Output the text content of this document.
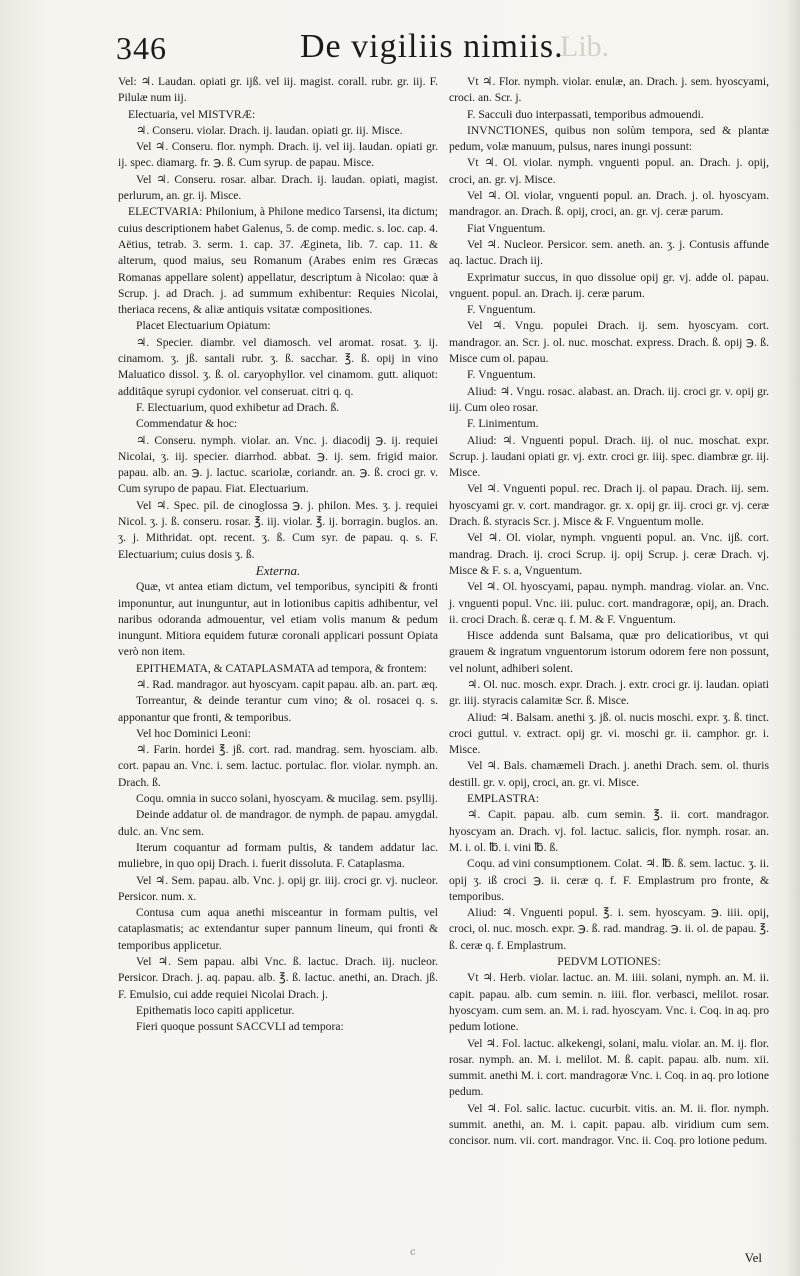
346	De vigiliis nimiis.
Lib.

Vel: ♃. Laudan. opiati gr. ijß. vel iij. magist. corall. rubr. gr. iij. F. Pilulæ num iij.

Electuaria, vel MISTVRÆ:

♃. Conseru. violar. Drach. ij. laudan. opiati gr. iij. Misce.

Vel ♃. Conseru. flor. nymph. Drach. ij. vel iij. laudan. opiati gr. ij. spec. diamarg. fr. ℈. ß. Cum syrup. de papau. Misce.

Vel ♃. Conseru. rosar. albar. Drach. ij. laudan. opiati, magist. perlurum, an. gr. ij. Misce.

ELECTVARIA: Philonium, à Philone medico Tarsensi, ita dictum; cuius descriptionem habet Galenus, 5. de comp. medic. s. loc. cap. 4. Aëtius, tetrab. 3. serm. 1. cap. 37. Ægineta, lib. 7. cap. 11. & alterum, quod maius, seu Romanum (Arabes enim res Græcas Romanas appellare solent) appellatur, descriptum à Nicolao: quæ à Scrup. j. ad Drach. j. ad summum exhibentur: Requies Nicolai, theriaca recens, & aliæ antiquis vsitatæ compositiones.

Placet Electuarium Opiatum:

♃. Specier. diambr. vel diamosch. vel aromat. rosat. ʒ. ij. cinamom. ʒ. jß. santali rubr. ʒ. ß. sacchar. ℥. ß. opij in vino Maluatico dissol. ʒ. ß. ol. caryophyllor. vel cinamom. gutt. aliquot: additâque syrupi cydonior. vel conseruat. citri q. q.

F. Electuarium, quod exhibetur ad Drach. ß.

Commendatur & hoc:

♃. Conseru. nymph. violar. an. Vnc. j. diacodij ℈. ij. requiei Nicolai, ʒ. iij. specier. diarrhod. abbat. ℈. ij. sem. frigid maior. papau. alb. an. ℈. j. lactuc. scariolæ, coriandr. an. ℈. ß. croci gr. v. Cum syrupo de papau. Fiat. Electuarium.

Vel ♃. Spec. pil. de cinoglossa ℈. j. philon. Mes. ʒ. j. requiei Nicol. ʒ. j. ß. conseru. rosar. ℥. iij. violar. ℥. ij. borragin. buglos. an. ʒ. j. Mithridat. opt. recent. ʒ. ß. Cum syr. de papau. q. s. F. Electuarium; cuius dosis ʒ. ß.

Externa.

Quæ, vt antea etiam dictum, vel temporibus, syncipiti & fronti imponuntur, aut inunguntur, aut in lotionibus capitis adhibentur, vel naribus odoranda admouentur, vel etiam volis manum & pedum inungunt. Mitiora equidem futuræ coronali applicari possunt Opiata verò non item.

EPITHEMATA, & CATAPLASMATA ad tempora, & frontem:

♃. Rad. mandragor. aut hyoscyam. capit papau. alb. an. part. æq.

Torreantur, & deinde terantur cum vino; & ol. rosacei q. s. apponantur que fronti, & temporibus.

Vel hoc Dominici Leoni:

♃. Farin. hordei ℥. jß. cort. rad. mandrag. sem. hyosciam. alb. cort. papau an. Vnc. i. sem. lactuc. portulac. flor. violar. nymph. an. Drach. ß.

Coqu. omnia in succo solani, hyoscyam. & mucilag. sem. psyllij.

Deinde addatur ol. de mandragor. de nymph. de papau. amygdal. dulc. an. Vnc sem.

Iterum coquantur ad formam pultis, & tandem addatur lac. muliebre, in quo opij Drach. i. fuerit dissoluta. F. Cataplasma.

Vel ♃. Sem. papau. alb. Vnc. j. opij gr. iiij. croci gr. vj. nucleor. Persicor. num. x.

Contusa cum aqua anethi misceantur in formam pultis, vel cataplasmatis; ac extendantur super pannum lineum, qui fronti & temporibus applicetur.

Vel ♃. Sem papau. albi Vnc. ß. lactuc. Drach. iij. nucleor. Persicor. Drach. j. aq. papau. alb. ℥. ß. lactuc. anethi, an. Drach. jß. F. Emulsio, cui adde requiei Nicolai Drach. j.

Epithematis loco capiti applicetur.

Fieri quoque possunt SACCVLI ad tempora:

Vt ♃. Flor. nymph. violar. enulæ, an. Drach. j. sem. hyoscyami, croci. an. Scr. j.

F. Sacculi duo interpassati, temporibus admouendi.

INVNCTIONES, quibus non solùm tempora, sed & plantæ pedum, volæ manuum, pulsus, nares inungi possunt:

Vt ♃. Ol. violar. nymph. vnguenti popul. an. Drach. j. opij, croci, an. gr. vj. Misce.

Vel ♃. Ol. violar, vnguenti popul. an. Drach. j. ol. hyoscyam. mandragor. an. Drach. ß. opij, croci, an. gr. vj. ceræ parum.

Fiat Vnguentum.

Vel ♃. Nucleor. Persicor. sem. aneth. an. ʒ. j. Contusis affunde aq. lactuc. Drach iij.

Exprimatur succus, in quo dissolue opij gr. vj. adde ol. papau. vnguent. popul. an. Drach. ij. ceræ parum.

F. Vnguentum.

Vel ♃. Vngu. populei Drach. ij. sem. hyoscyam. cort. mandragor. an. Scr. j. ol. nuc. moschat. express. Drach. ß. opij ℈. ß. Misce cum ol. papau.

F. Vnguentum.

Aliud: ♃. Vngu. rosac. alabast. an. Drach. iij. croci gr. v. opij gr. iij. Cum oleo rosar.

F. Linimentum.

Aliud: ♃. Vnguenti popul. Drach. iij. ol nuc. moschat. expr. Scrup. j. laudani opiati gr. vj. extr. croci gr. iiij. spec. diambræ gr. iij. Misce.

Vel ♃. Vnguenti popul. rec. Drach ij. ol papau. Drach. iij. sem. hyoscyami gr. v. cort. mandragor. gr. x. opij gr. iij. croci gr. vj. ceræ Drach. ß. styracis Scr. j. Misce & F. Vnguentum molle.

Vel ♃. Ol. violar, nymph. vnguenti popul. an. Vnc. ijß. cort. mandrag. Drach. ij. croci Scrup. ij. opij Scrup. j. ceræ Drach. vj. Misce & F. s. a, Vnguentum.

Vel ♃. Ol. hyoscyami, papau. nymph. mandrag. violar. an. Vnc. j. vnguenti popul. Vnc. iii. puluc. cort. mandragoræ, opij, an. Drach. ii. croci Drach. ß. ceræ q. f. M. & F. Vnguentum.

Hisce addenda sunt Balsama, quæ pro delicatioribus, vt qui grauem & ingratum vnguentorum istorum odorem fere non possunt, vel nolunt, adhiberi solent.

♃. Ol. nuc. mosch. expr. Drach. j. extr. croci gr. ij. laudan. opiati gr. iiij. styracis calamitæ Scr. ß. Misce.

Aliud: ♃. Balsam. anethi ʒ. jß. ol. nucis moschi. expr. ʒ. ß. tinct. croci guttul. v. extract. opij gr. vi. moschi gr. ii. camphor. gr. i. Misce.

Vel ♃. Bals. chamæmeli Drach. j. anethi Drach. sem. ol. thuris destill. gr. v. opij, croci, an. gr. vi. Misce.

EMPLASTRA:

♃. Capit. papau. alb. cum semin. ℥. ii. cort. mandragor. hyoscyam an. Drach. vj. fol. lactuc. salicis, flor. nymph. rosar. an. M. i. ol. ℔. i. vini ℔. ß.

Coqu. ad vini consumptionem. Colat. ♃. ℔. ß. sem. lactuc. ʒ. ii. opij ʒ. iß croci ℈. ii. ceræ q. f. F. Emplastrum pro fronte, & temporibus.

Aliud: ♃. Vnguenti popul. ℥. i. sem. hyoscyam. ℈. iiii. opij, croci, ol. nuc. mosch. expr. ℈. ß. rad. mandrag. ℈. ii. ol. de papau. ℥. ß. ceræ q. f. Emplastrum.

PEDVM LOTIONES:

Vt ♃. Herb. violar. lactuc. an. M. iiii. solani, nymph. an. M. ii. capit. papau. alb. cum semin. n. iiii. flor. verbasci, melilot. rosar. hyoscyam. cum sem. an. M. i. rad. hyoscyam. Vnc. i. Coq. in aq. pro pedum lotione.

Vel ♃. Fol. lactuc. alkekengi, solani, malu. violar. an. M. ij. flor. rosar. nymph. an. M. i. melilot. M. ß. capit. papau. alb. num. xii. summit. anethi M. i. cort. mandragoræ Vnc. i. Coq. in aq. pro lotione pedum.

Vel ♃. Fol. salic. lactuc. cucurbit. vitis. an. M. ii. flor. nymph. summit. anethi, an. M. i. capit. papau. alb. viridium cum sem. concisor. num. vii. cort. mandragor. Vnc. ii. Coq. pro lotione pedum.

c	Vel
